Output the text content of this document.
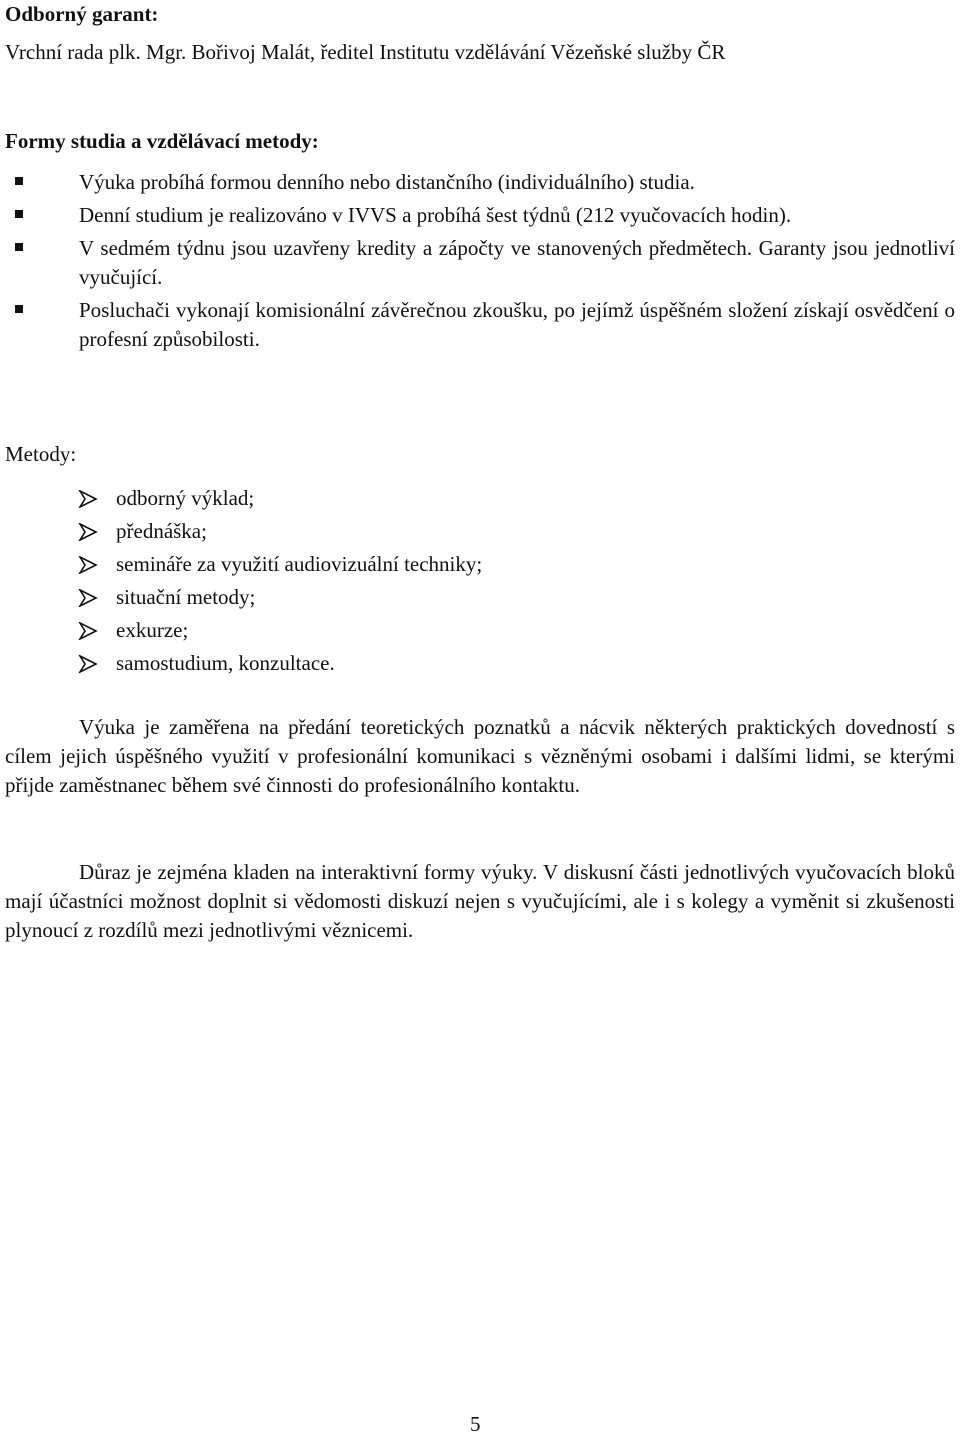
Odborný garant:

Vrchní rada plk. Mgr. Bořivoj Malát, ředitel Institutu vzdělávání Vězeňské služby ČR

Formy studia a vzdělávací metody:

Výuka probíhá formou denního nebo distančního (individuálního) studia.
Denní studium je realizováno v IVVS a probíhá šest týdnů (212 vyučovacích hodin).
V sedmém týdnu jsou uzavřeny kredity a zápočty ve stanovených předmětech. Garanty jsou jednotliví vyučující.
Posluchači vykonají komisionální závěrečnou zkoušku, po jejímž úspěšném složení získají osvědčení o profesní způsobilosti.

Metody:

odborný výklad;
přednáška;
semináře za využití audiovizuální techniky;
situační metody;
exkurze;
samostudium, konzultace.

Výuka je zaměřena na předání teoretických poznatků a nácvik některých praktických dovedností s cílem jejich úspěšného využití v profesionální komunikaci s vězněnými osobami i dalšími lidmi, se kterými přijde zaměstnanec během své činnosti do profesionálního kontaktu.

Důraz je zejména kladen na interaktivní formy výuky. V diskusní části jednotlivých vyučovacích bloků mají účastníci možnost doplnit si vědomosti diskuzí nejen s vyučujícími, ale i s kolegy a vyměnit si zkušenosti plynoucí z rozdílů mezi jednotlivými věznicemi.

5
